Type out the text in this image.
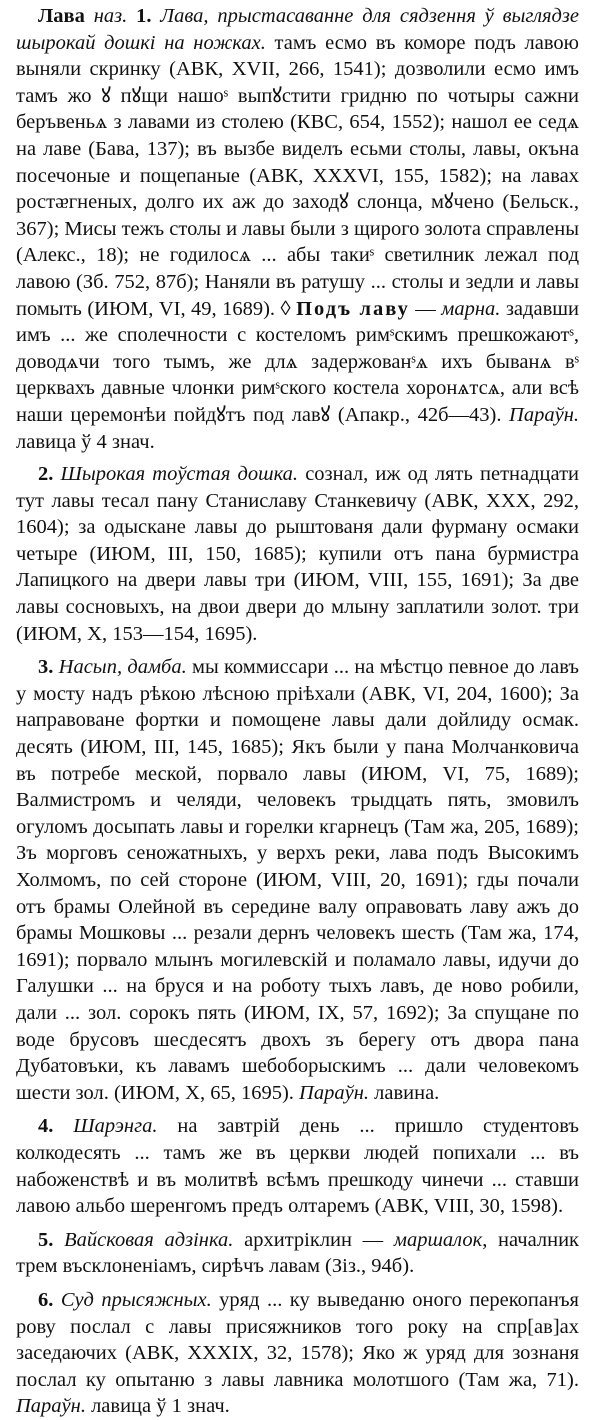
Лава наз. 1. Лава, прыстасаванне для сядзення ў выглядзе шырокай дошкі на ножках. тамъ есмо въ коморе подъ лавою выняли скринку (АВК, XVII, 266, 1541); дозволили есмо имъ тамъ жо ꙋ пꙋщи нашоˢ выпꙋстити гридню по чотыры сажни беръвеньѧ з лавами из столею (КВС, 654, 1552); нашол ее седѧ на лаве (Бава, 137); въ вызбе виделъ есьми столы, лавы, окъна посечоные и пощепаные (АВК, XXXVI, 155, 1582); на лавах ростᴂгненых, долго их аж до заходꙋ слонца, мꙋчено (Бельск., 367); Мисы тежъ столы и лавы были з щирого золота справлены (Алекс., 18); не годилосѧ ... абы такиˢ светилник лежал под лавою (Зб. 752, 87б); Наняли въ ратушу ... столы и зедли и лавы помыть (ИЮМ, VI, 49, 1689). ◊ Подъ лаву — марна. задавши имъ ... же сполечности с костеломъ римˢскимъ прешкожаютˢ, доводѧчи того тымъ, же длѧ задержованˢѧ ихъ быванѧ вˢ церквахъ давные члонки римˢского костела хоронѧтсѧ, али всѣ наши церемонѣи пойдꙋтъ под лавꙋ (Апакр., 42б—43). Параўн. лавица ў 4 знач.

2. Шырокая тоўстая дошка. сознал, иж од лять петнадцати тут лавы тесал пану Станиславу Станкевичу (АВК, XXX, 292, 1604); за одыскане лавы до рыштованя дали фурману осмаки четыре (ИЮМ, III, 150, 1685); купили отъ пана бурмистра Лапицкого на двери лавы три (ИЮМ, VIII, 155, 1691); За две лавы сосновыхъ, на двои двери до млыну заплатили золот. три (ИЮМ, X, 153—154, 1695).

3. Насып, дамба. мы коммиссари ... на мѣстцо певное до лавъ у мосту надъ рѣкою лѣсною пріѣхали (АВК, VI, 204, 1600); За направоване фортки и помощене лавы дали дойлиду осмак. десять (ИЮМ, III, 145, 1685); Якъ были у пана Молчанковича въ потребе меской, порвало лавы (ИЮМ, VI, 75, 1689); Валмистромъ и челяди, человекъ трыдцать пять, змовилъ огуломъ досыпать лавы и горелки кгарнецъ (Там жа, 205, 1689); Зъ морговъ сеножатныхъ, у верхъ реки, лава подъ Высокимъ Холмомъ, по сей стороне (ИЮМ, VIII, 20, 1691); гды почали отъ брамы Олейной въ середине валу оправовать лаву ажъ до брамы Мошковы ... резали дернъ человекъ шесть (Там жа, 174, 1691); порвало млынъ могилевскій и поламало лавы, идучи до Галушки ... на бруся и на роботу тыхъ лавъ, де ново робили, дали ... зол. сорокъ пять (ИЮМ, IX, 57, 1692); За спущане по воде брусовъ шесдесятъ двохъ зъ берегу отъ двора пана Дубатовъки, къ лавамъ шебоборыскимъ ... дали человекомъ шести зол. (ИЮМ, X, 65, 1695). Параўн. лавина.

4. Шарэнга. на завтрій день ... пришло студентовъ колкодесять ... тамъ же въ церкви людей попихали ... въ набоженствѣ и въ молитвѣ всѣмъ прешкоду чинечи ... ставши лавою альбо шеренгомъ предъ олтаремъ (АВК, VIII, 30, 1598).

5. Вайсковая адзінка. архитріклин — маршалок, началник трем въсклоненіамъ, сирѣчъ лавам (Зіз., 94б).

6. Суд прысяжных. уряд ... ку выведаню оного перекопанъя рову послал с лавы присяжников того року на спр[ав]ах заседаючих (АВК, XXXIX, 32, 1578); Яко ж уряд для зознаня послал ку опытаню з лавы лавника молотшого (Там жа, 71). Параўн. лавица ў 1 знач.
